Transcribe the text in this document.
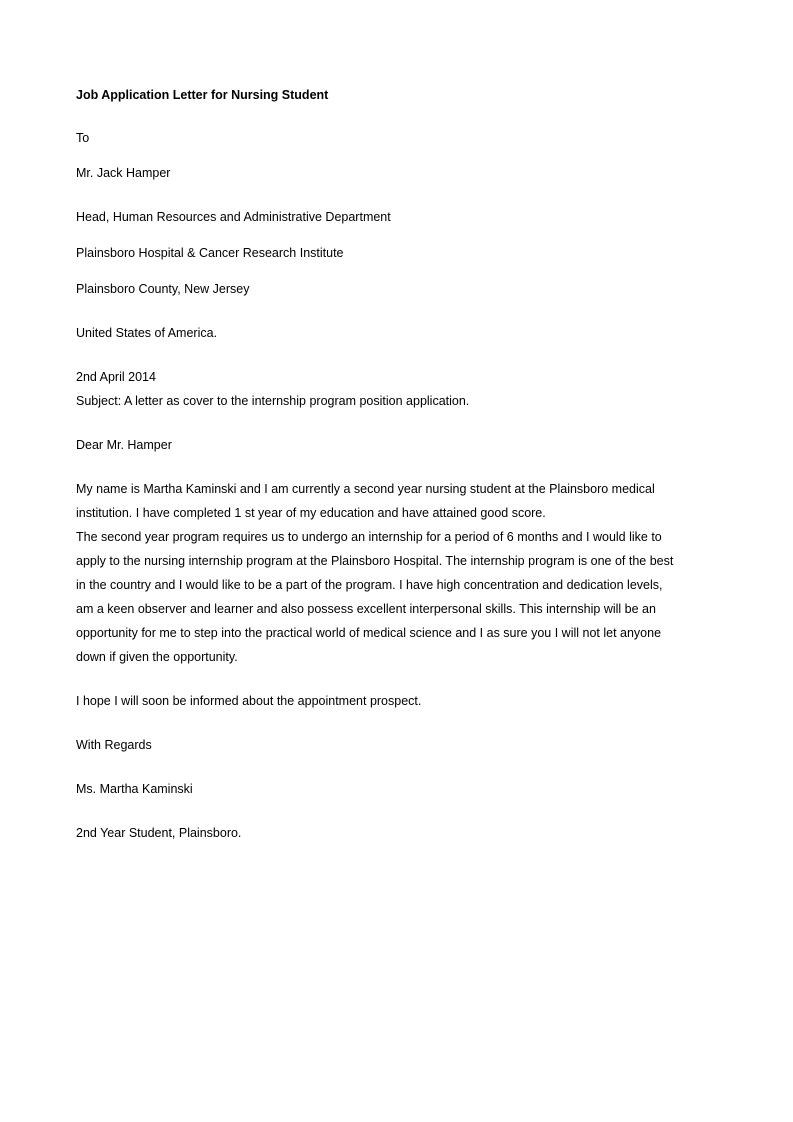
Job Application Letter for Nursing Student
To
Mr. Jack Hamper
Head, Human Resources and Administrative Department
Plainsboro Hospital & Cancer Research Institute
Plainsboro County, New Jersey
United States of America.
2nd April 2014
Subject: A letter as cover to the internship program position application.
Dear Mr. Hamper
My name is Martha Kaminski and I am currently a second year nursing student at the Plainsboro medical
institution. I have completed 1 st year of my education and have attained good score.
The second year program requires us to undergo an internship for a period of 6 months and I would like to
apply to the nursing internship program at the Plainsboro Hospital. The internship program is one of the best
in the country and I would like to be a part of the program. I have high concentration and dedication levels,
am a keen observer and learner and also possess excellent interpersonal skills. This internship will be an
opportunity for me to step into the practical world of medical science and I as sure you I will not let anyone
down if given the opportunity.
I hope I will soon be informed about the appointment prospect.
With Regards
Ms. Martha Kaminski
2nd Year Student, Plainsboro.
